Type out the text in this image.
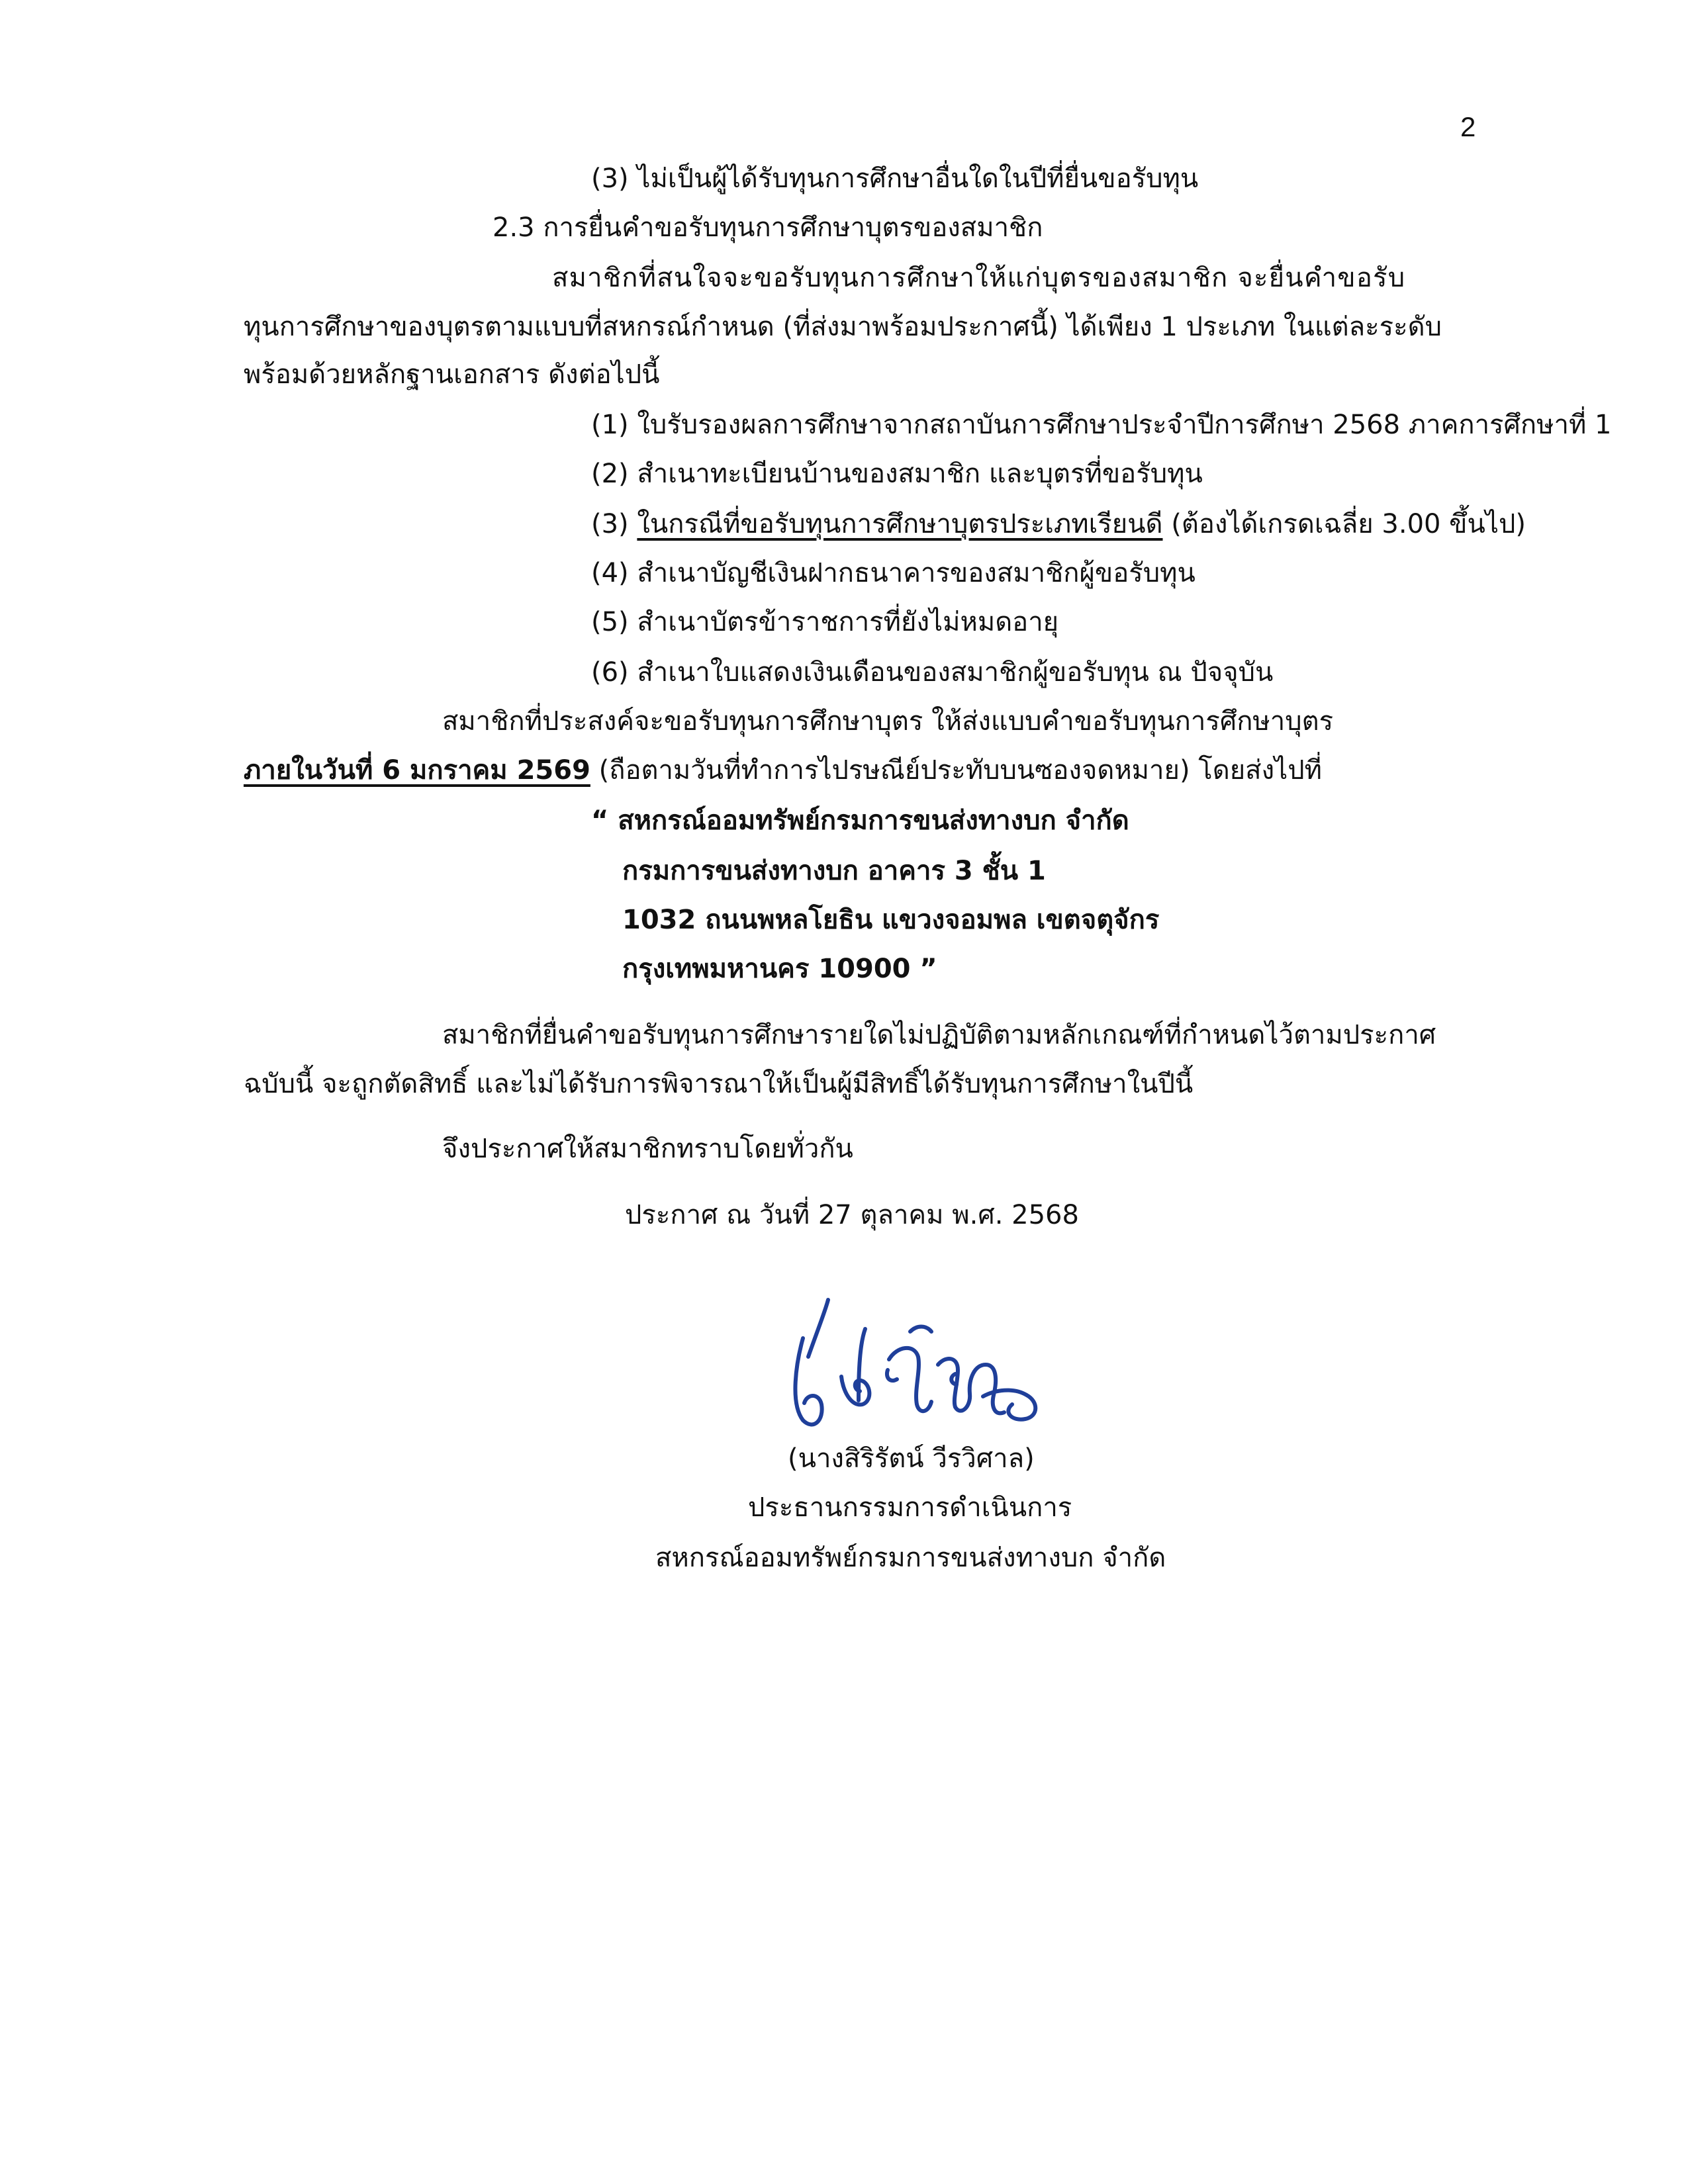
2
(3) ไม่เป็นผู้ได้รับทุนการศึกษาอื่นใดในปีที่ยื่นขอรับทุน
2.3 การยื่นคำขอรับทุนการศึกษาบุตรของสมาชิก
สมาชิกที่สนใจจะขอรับทุนการศึกษาให้แก่บุตรของสมาชิก จะยื่นคำขอรับ
ทุนการศึกษาของบุตรตามแบบที่สหกรณ์กำหนด (ที่ส่งมาพร้อมประกาศนี้) ได้เพียง 1 ประเภท ในแต่ละระดับ
พร้อมด้วยหลักฐานเอกสาร ดังต่อไปนี้
(1) ใบรับรองผลการศึกษาจากสถาบันการศึกษาประจำปีการศึกษา 2568 ภาคการศึกษาที่ 1
(2) สำเนาทะเบียนบ้านของสมาชิก และบุตรที่ขอรับทุน
(3) ในกรณีที่ขอรับทุนการศึกษาบุตรประเภทเรียนดี (ต้องได้เกรดเฉลี่ย 3.00 ขึ้นไป)
(4) สำเนาบัญชีเงินฝากธนาคารของสมาชิกผู้ขอรับทุน
(5) สำเนาบัตรข้าราชการที่ยังไม่หมดอายุ
(6) สำเนาใบแสดงเงินเดือนของสมาชิกผู้ขอรับทุน ณ ปัจจุบัน
สมาชิกที่ประสงค์จะขอรับทุนการศึกษาบุตร ให้ส่งแบบคำขอรับทุนการศึกษาบุตร
ภายในวันที่ 6 มกราคม 2569 (ถือตามวันที่ทำการไปรษณีย์ประทับบนซองจดหมาย) โดยส่งไปที่
“ สหกรณ์ออมทรัพย์กรมการขนส่งทางบก จำกัด
กรมการขนส่งทางบก อาคาร 3 ชั้น 1
1032 ถนนพหลโยธิน แขวงจอมพล เขตจตุจักร
กรุงเทพมหานคร 10900 ”
สมาชิกที่ยื่นคำขอรับทุนการศึกษารายใดไม่ปฏิบัติตามหลักเกณฑ์ที่กำหนดไว้ตามประกาศ
ฉบับนี้ จะถูกตัดสิทธิ์ และไม่ได้รับการพิจารณาให้เป็นผู้มีสิทธิ์ได้รับทุนการศึกษาในปีนี้
จึงประกาศให้สมาชิกทราบโดยทั่วกัน
ประกาศ ณ วันที่ 27 ตุลาคม พ.ศ. 2568
(นางสิริรัตน์ วีรวิศาล)
ประธานกรรมการดำเนินการ
สหกรณ์ออมทรัพย์กรมการขนส่งทางบก จำกัด
